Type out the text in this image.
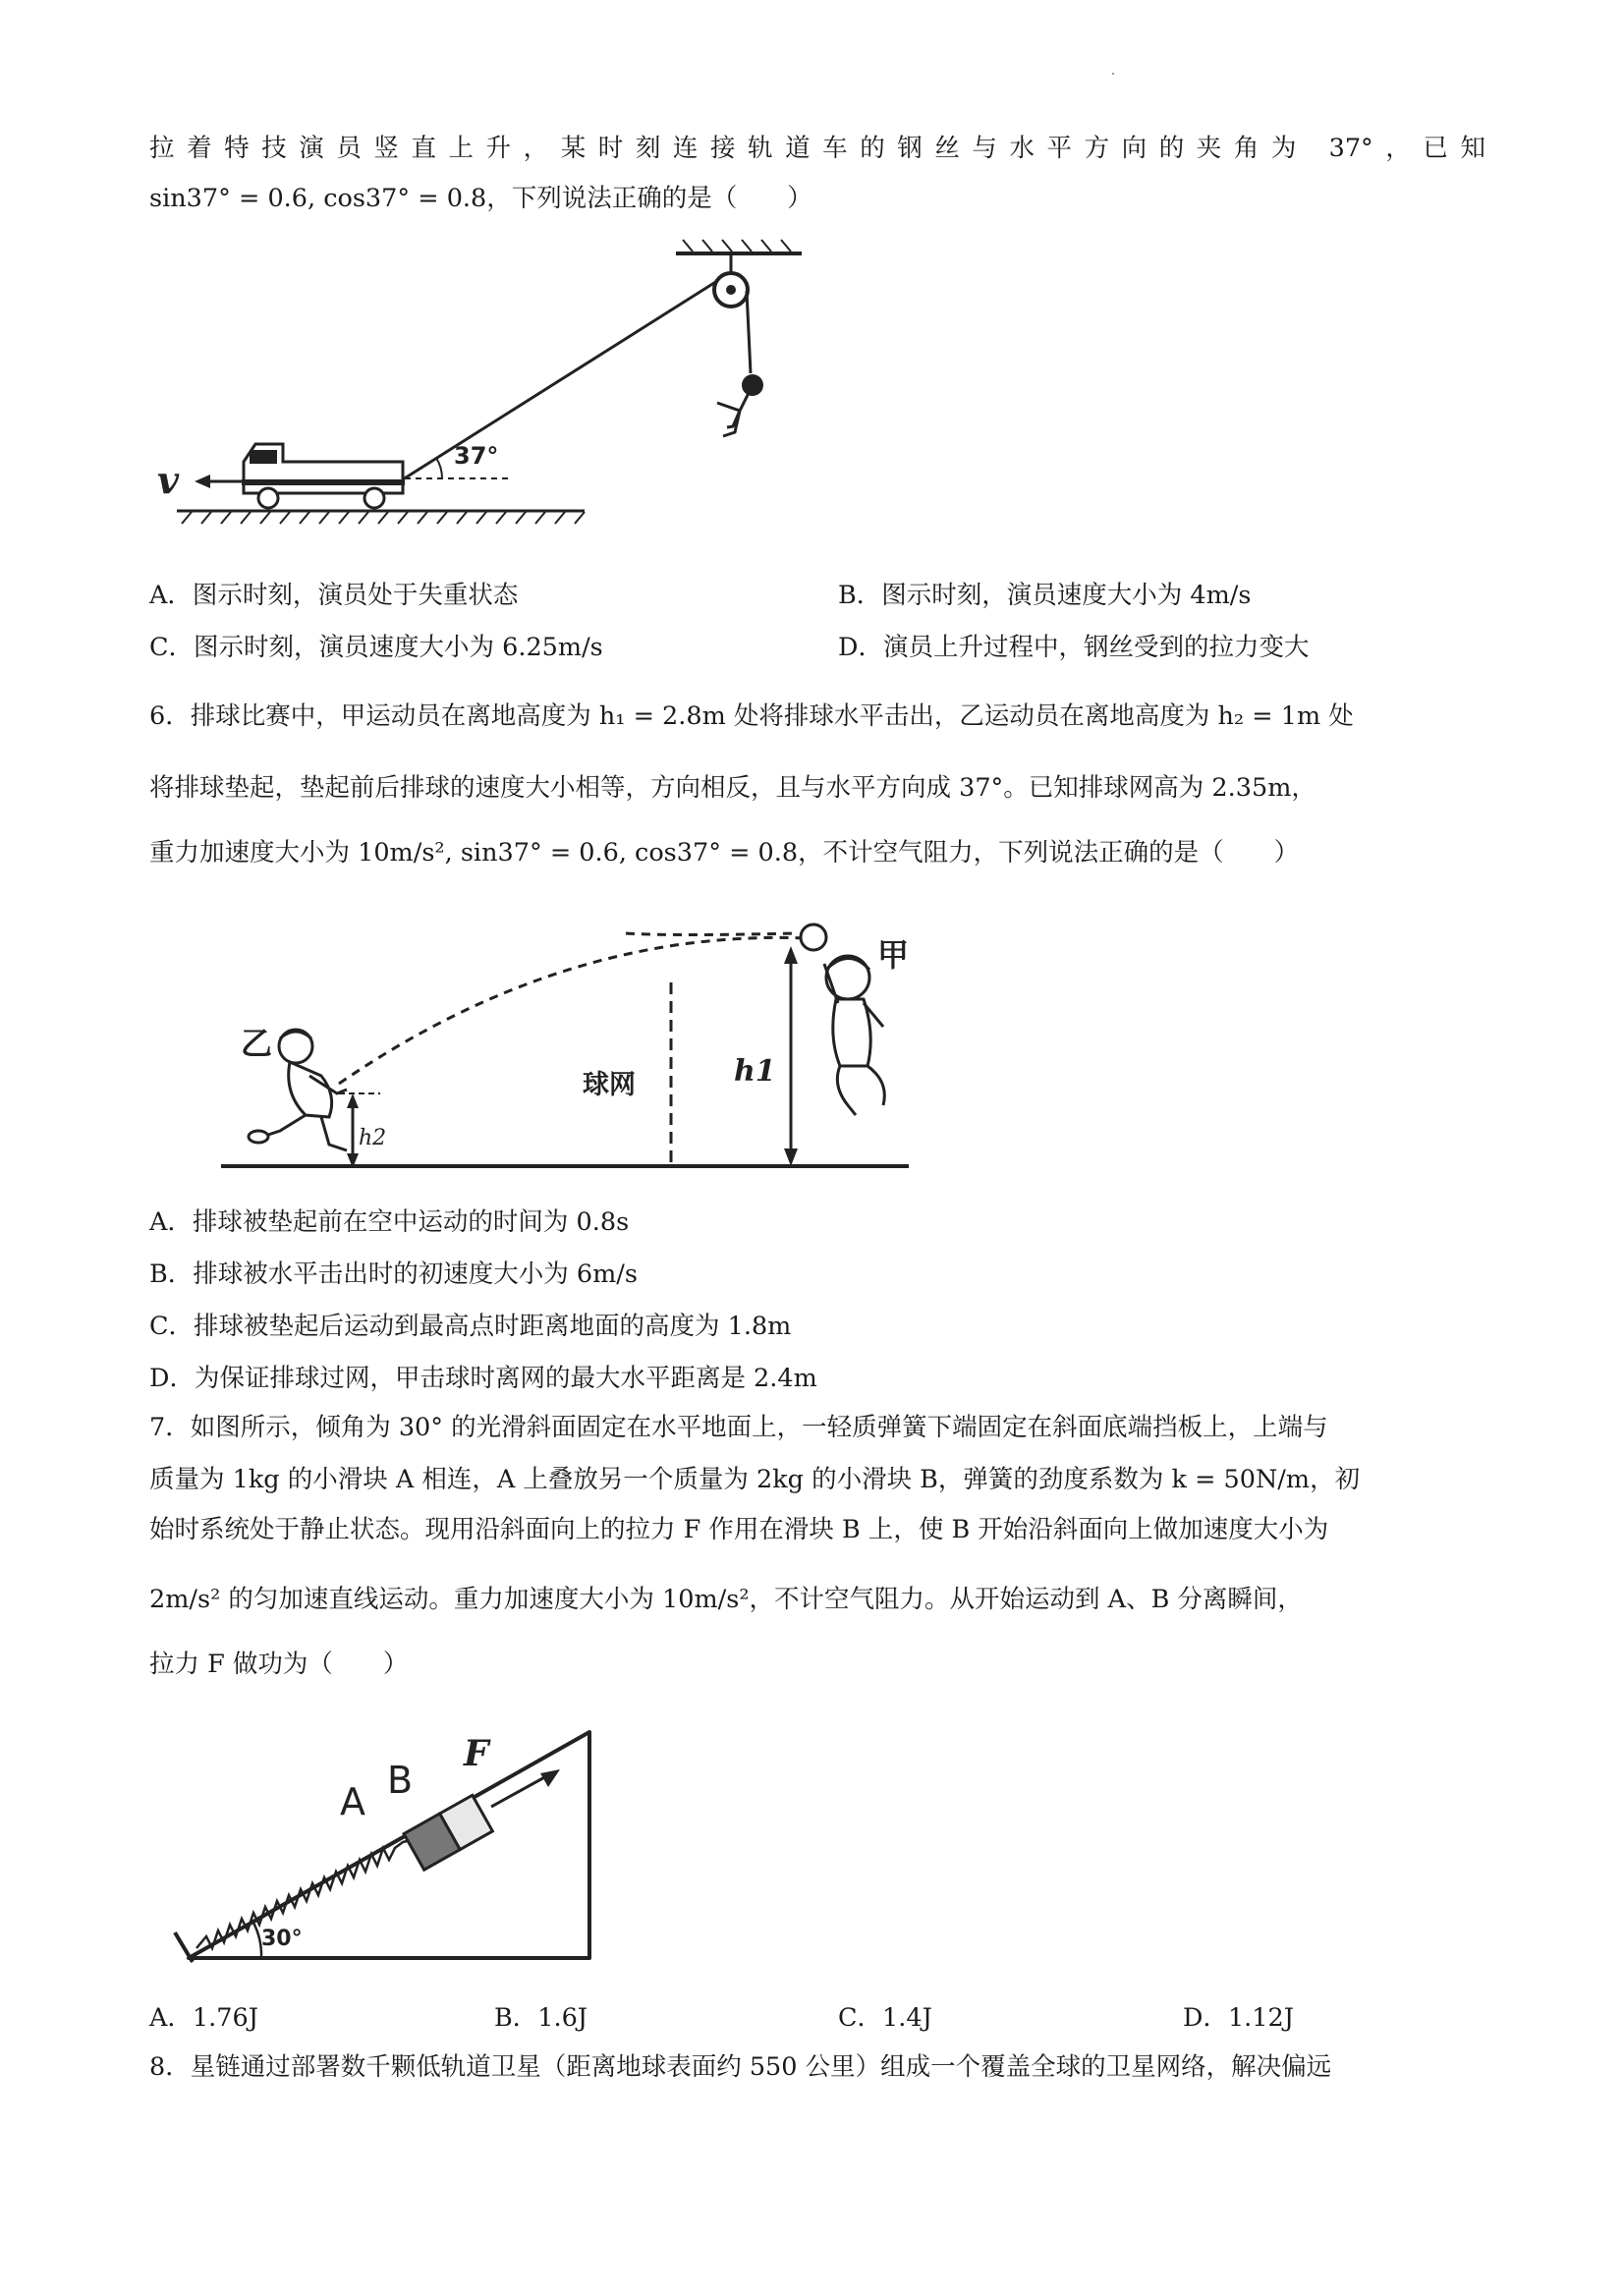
拉着特技演员竖直上升，某时刻连接轨道车的钢丝与水平方向的夹角为 37°，已知
sin37° = 0.6, cos37° = 0.8，下列说法正确的是（　　）
v
37°
A．图示时刻，演员处于失重状态	B．图示时刻，演员速度大小为 4m/s
C．图示时刻，演员速度大小为 6.25m/s	D．演员上升过程中，钢丝受到的拉力变大
6．排球比赛中，甲运动员在离地高度为 h₁ = 2.8m 处将排球水平击出，乙运动员在离地高度为 h₂ = 1m 处
将排球垫起，垫起前后排球的速度大小相等，方向相反，且与水平方向成 37°。已知排球网高为 2.35m，
重力加速度大小为 10m/s², sin37° = 0.6, cos37° = 0.8，不计空气阻力，下列说法正确的是（　　）
乙
甲
球网	h1
h2
A．排球被垫起前在空中运动的时间为 0.8s
B．排球被水平击出时的初速度大小为 6m/s
C．排球被垫起后运动到最高点时距离地面的高度为 1.8m
D．为保证排球过网，甲击球时离网的最大水平距离是 2.4m
7．如图所示，倾角为 30° 的光滑斜面固定在水平地面上，一轻质弹簧下端固定在斜面底端挡板上，上端与
质量为 1kg 的小滑块 A 相连，A 上叠放另一个质量为 2kg 的小滑块 B，弹簧的劲度系数为 k = 50N/m，初
始时系统处于静止状态。现用沿斜面向上的拉力 F 作用在滑块 B 上，使 B 开始沿斜面向上做加速度大小为
2m/s² 的匀加速直线运动。重力加速度大小为 10m/s²，不计空气阻力。从开始运动到 A、B 分离瞬间，
拉力 F 做功为（　　）
30°
A B
F
A．1.76J	B．1.6J	C．1.4J	D．1.12J
8．星链通过部署数千颗低轨道卫星（距离地球表面约 550 公里）组成一个覆盖全球的卫星网络，解决偏远
